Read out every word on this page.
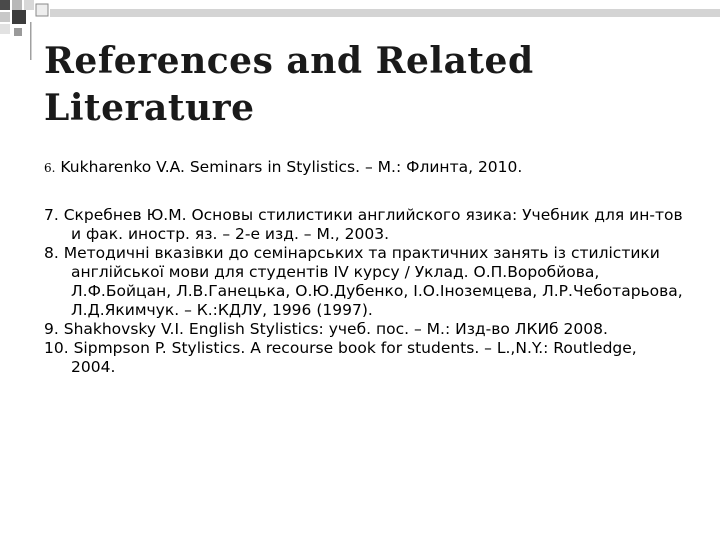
References and Related Literature

6. Kukharenko V.A. Seminars in Stylistics. – M.: Флинта, 2010.

7. Скребнев Ю.М. Основы стилистики английского язика: Учебник для ин-тов и фак. иностр. яз. – 2-е изд. – М., 2003.

8. Методичні вказівки до семінарських та практичних занять із стилістики англійської мови для студентів IV курсу / Уклад. О.П.Воробйова, Л.Ф.Бойцан, Л.В.Ганецька, О.Ю.Дубенко, І.О.Іноземцева, Л.Р.Чеботарьова, Л.Д.Якимчук. – К.:КДЛУ, 1996 (1997).

9. Shakhovsky V.I. English Stylistics: учеб. пос. – М.: Изд-во ЛКИб 2008.

10. Sipmpson P. Stylistics. A recourse book for students. – L.,N.Y.: Routledge, 2004.
